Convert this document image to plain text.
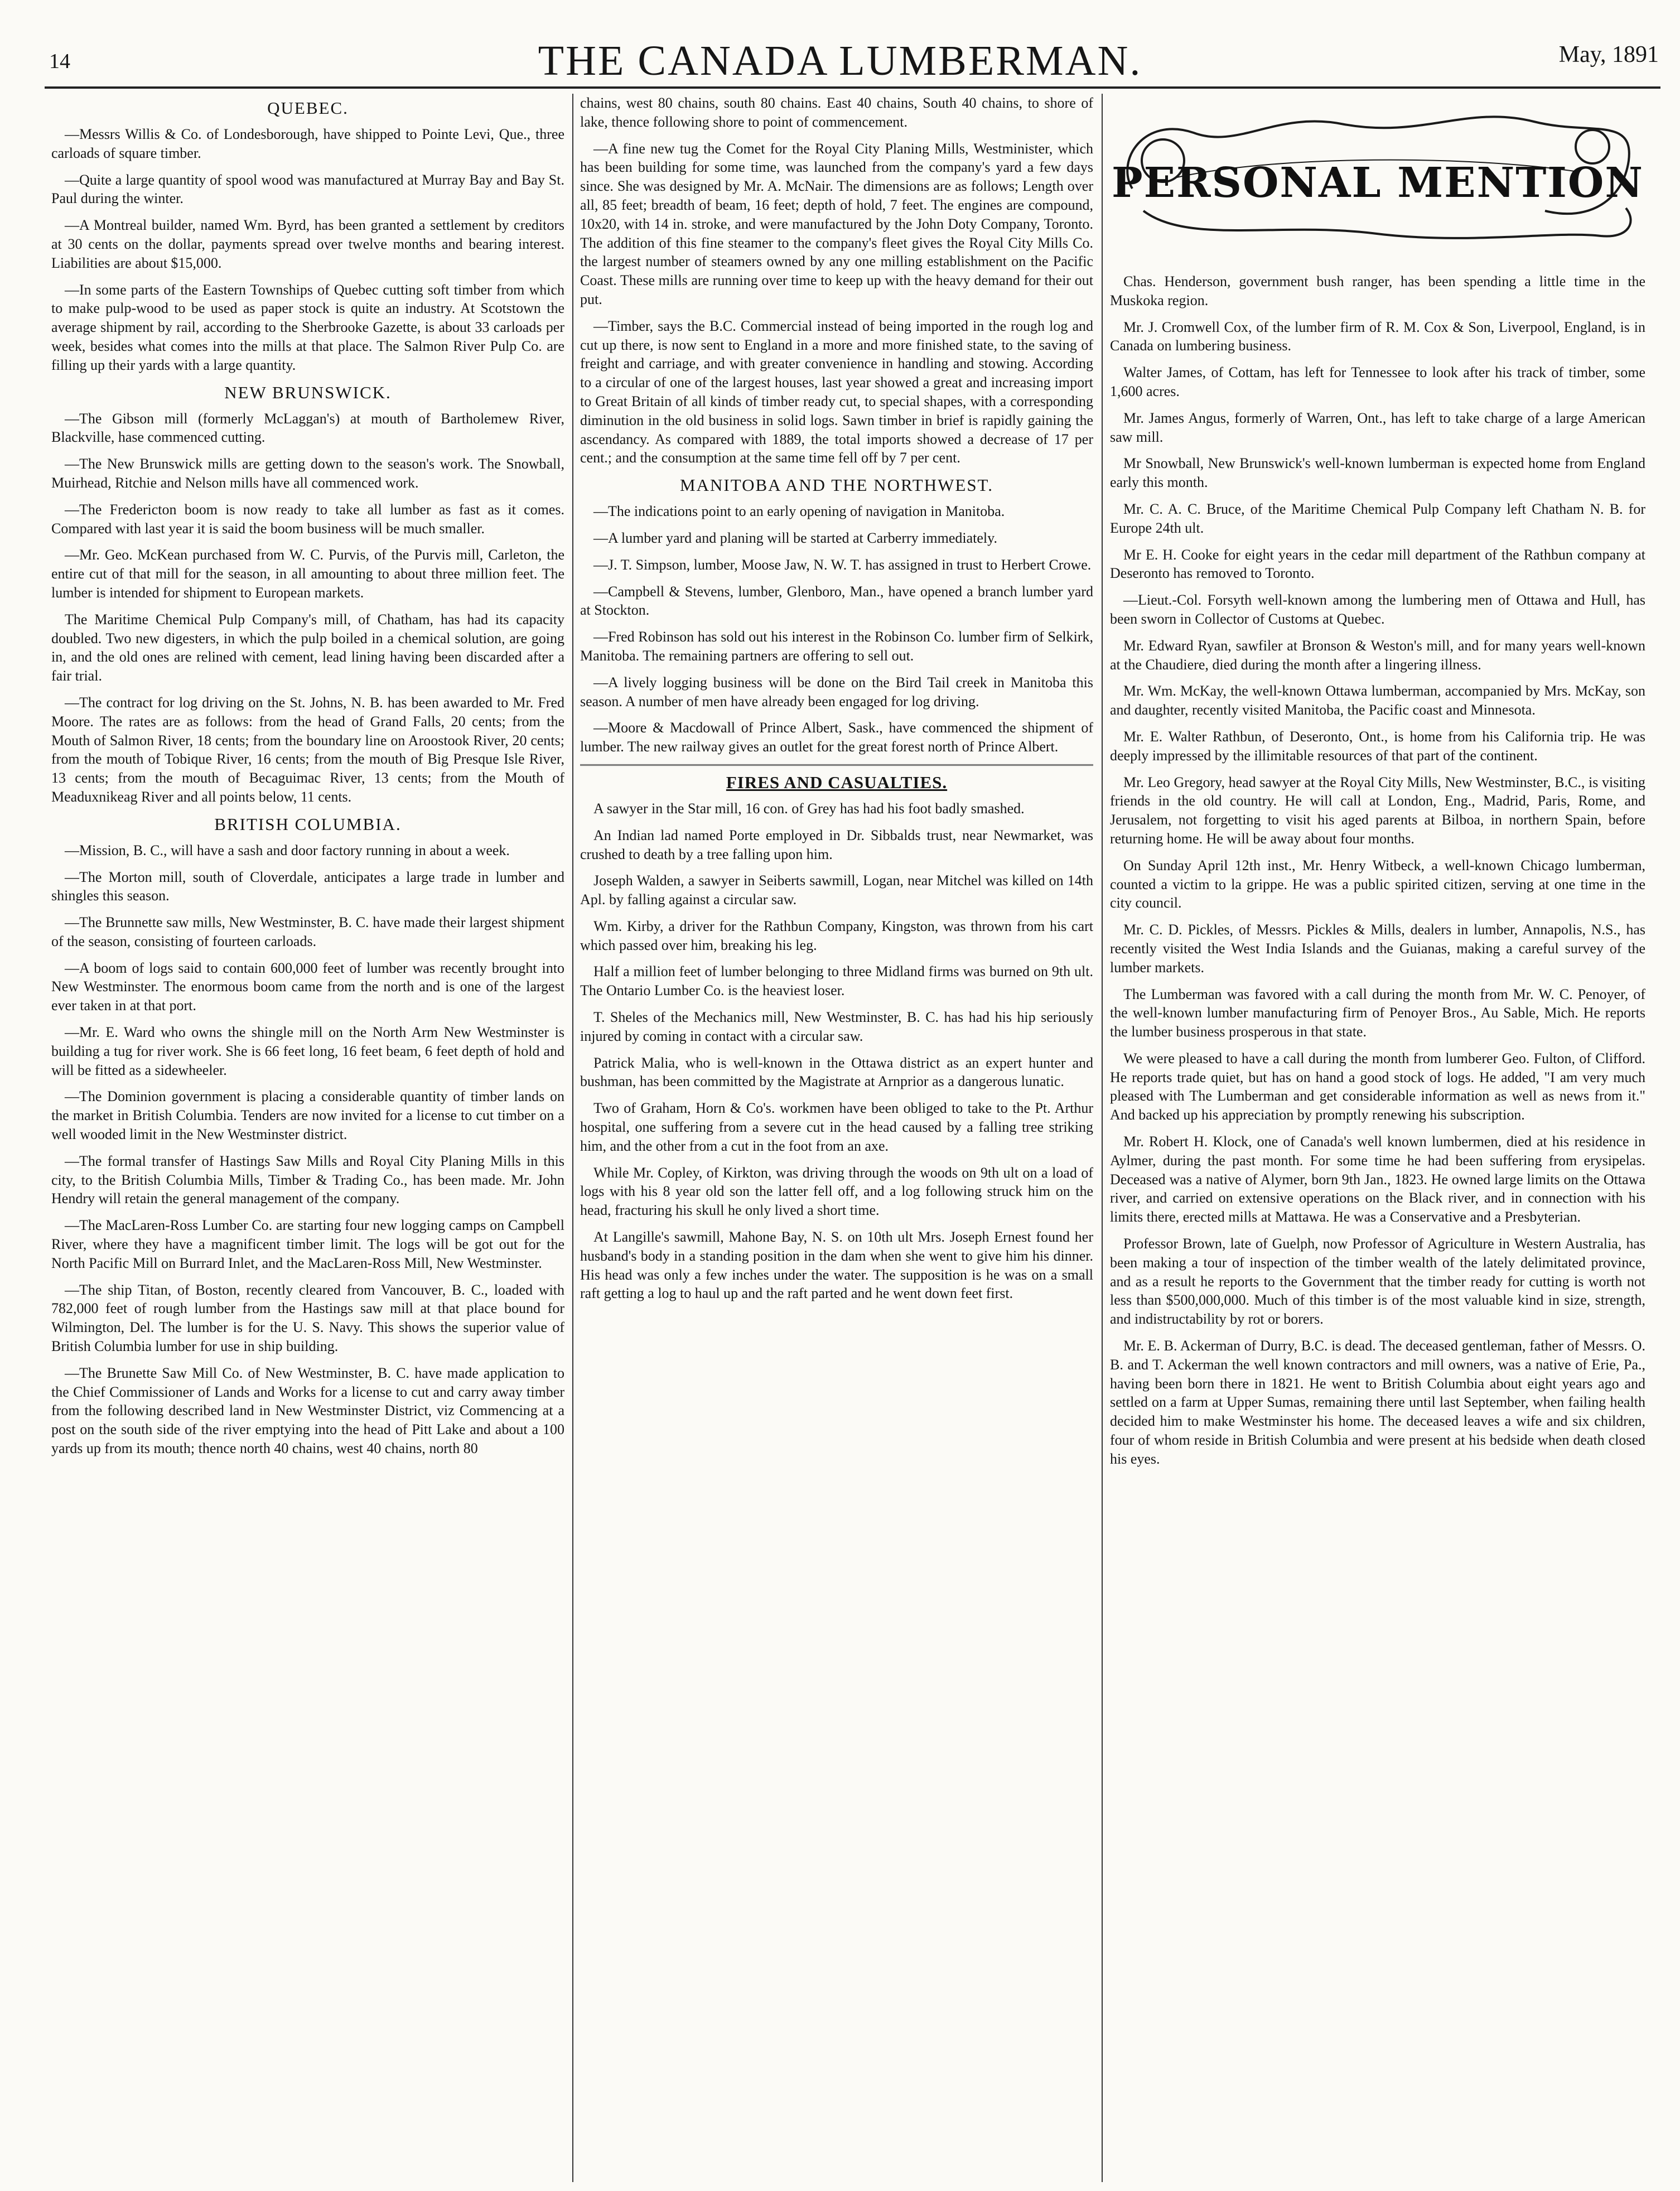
14	THE CANADA LUMBERMAN.	May, 1891
QUEBEC.

—Messrs Willis & Co. of Londesborough, have shipped to Pointe Levi, Que., three carloads of square timber.

—Quite a large quantity of spool wood was manufactured at Murray Bay and Bay St. Paul during the winter.

—A Montreal builder, named Wm. Byrd, has been granted a settlement by creditors at 30 cents on the dollar, payments spread over twelve months and bearing interest. Liabilities are about $15,000.

—In some parts of the Eastern Townships of Quebec cutting soft timber from which to make pulp-wood to be used as paper stock is quite an industry. At Scotstown the average shipment by rail, according to the Sherbrooke Gazette, is about 33 carloads per week, besides what comes into the mills at that place. The Salmon River Pulp Co. are filling up their yards with a large quantity.

NEW BRUNSWICK.

—The Gibson mill (formerly McLaggan's) at mouth of Bartholemew River, Blackville, hase commenced cutting.

—The New Brunswick mills are getting down to the season's work. The Snowball, Muirhead, Ritchie and Nelson mills have all commenced work.

—The Fredericton boom is now ready to take all lumber as fast as it comes. Compared with last year it is said the boom business will be much smaller.

—Mr. Geo. McKean purchased from W. C. Purvis, of the Purvis mill, Carleton, the entire cut of that mill for the season, in all amounting to about three million feet. The lumber is intended for shipment to European markets.

The Maritime Chemical Pulp Company's mill, of Chatham, has had its capacity doubled. Two new digesters, in which the pulp boiled in a chemical solution, are going in, and the old ones are relined with cement, lead lining having been discarded after a fair trial.

—The contract for log driving on the St. Johns, N. B. has been awarded to Mr. Fred Moore. The rates are as follows: from the head of Grand Falls, 20 cents; from the Mouth of Salmon River, 18 cents; from the boundary line on Aroostook River, 20 cents; from the mouth of Tobique River, 16 cents; from the mouth of Big Presque Isle River, 13 cents; from the mouth of Becaguimac River, 13 cents; from the Mouth of Meaduxnikeag River and all points below, 11 cents.

BRITISH COLUMBIA.

—Mission, B. C., will have a sash and door factory running in about a week.

—The Morton mill, south of Cloverdale, anticipates a large trade in lumber and shingles this season.

—The Brunnette saw mills, New Westminster, B. C. have made their largest shipment of the season, consisting of fourteen carloads.

—A boom of logs said to contain 600,000 feet of lumber was recently brought into New Westminster. The enormous boom came from the north and is one of the largest ever taken in at that port.

—Mr. E. Ward who owns the shingle mill on the North Arm New Westminster is building a tug for river work. She is 66 feet long, 16 feet beam, 6 feet depth of hold and will be fitted as a sidewheeler.

—The Dominion government is placing a considerable quantity of timber lands on the market in British Columbia. Tenders are now invited for a license to cut timber on a well wooded limit in the New Westminster district.

—The formal transfer of Hastings Saw Mills and Royal City Planing Mills in this city, to the British Columbia Mills, Timber & Trading Co., has been made. Mr. John Hendry will retain the general management of the company.

—The MacLaren-Ross Lumber Co. are starting four new logging camps on Campbell River, where they have a magnificent timber limit. The logs will be got out for the North Pacific Mill on Burrard Inlet, and the MacLaren-Ross Mill, New Westminster.

—The ship Titan, of Boston, recently cleared from Vancouver, B. C., loaded with 782,000 feet of rough lumber from the Hastings saw mill at that place bound for Wilmington, Del. The lumber is for the U. S. Navy. This shows the superior value of British Columbia lumber for use in ship building.

—The Brunette Saw Mill Co. of New Westminster, B. C. have made application to the Chief Commissioner of Lands and Works for a license to cut and carry away timber from the following described land in New Westminster District, viz Commencing at a post on the south side of the river emptying into the head of Pitt Lake and about a 100 yards up from its mouth; thence north 40 chains, west 40 chains, north 80

chains, west 80 chains, south 80 chains. East 40 chains, South 40 chains, to shore of lake, thence following shore to point of commencement.

—A fine new tug the Comet for the Royal City Planing Mills, Westminister, which has been building for some time, was launched from the company's yard a few days since. She was designed by Mr. A. McNair. The dimensions are as follows; Length over all, 85 feet; breadth of beam, 16 feet; depth of hold, 7 feet. The engines are compound, 10x20, with 14 in. stroke, and were manufactured by the John Doty Company, Toronto. The addition of this fine steamer to the company's fleet gives the Royal City Mills Co. the largest number of steamers owned by any one milling establishment on the Pacific Coast. These mills are running over time to keep up with the heavy demand for their out put.

—Timber, says the B.C. Commercial instead of being imported in the rough log and cut up there, is now sent to England in a more and more finished state, to the saving of freight and carriage, and with greater convenience in handling and stowing. According to a circular of one of the largest houses, last year showed a great and increasing import to Great Britain of all kinds of timber ready cut, to special shapes, with a corresponding diminution in the old business in solid logs. Sawn timber in brief is rapidly gaining the ascendancy. As compared with 1889, the total imports showed a decrease of 17 per cent.; and the consumption at the same time fell off by 7 per cent.

MANITOBA AND THE NORTHWEST.

—The indications point to an early opening of navigation in Manitoba.

—A lumber yard and planing will be started at Carberry immediately.

—J. T. Simpson, lumber, Moose Jaw, N. W. T. has assigned in trust to Herbert Crowe.

—Campbell & Stevens, lumber, Glenboro, Man., have opened a branch lumber yard at Stockton.

—Fred Robinson has sold out his interest in the Robinson Co. lumber firm of Selkirk, Manitoba. The remaining partners are offering to sell out.

—A lively logging business will be done on the Bird Tail creek in Manitoba this season. A number of men have already been engaged for log driving.

—Moore & Macdowall of Prince Albert, Sask., have commenced the shipment of lumber. The new railway gives an outlet for the great forest north of Prince Albert.

FIRES AND CASUALTIES.

A sawyer in the Star mill, 16 con. of Grey has had his foot badly smashed.

An Indian lad named Porte employed in Dr. Sibbalds trust, near Newmarket, was crushed to death by a tree falling upon him.

Joseph Walden, a sawyer in Seiberts sawmill, Logan, near Mitchel was killed on 14th Apl. by falling against a circular saw.

Wm. Kirby, a driver for the Rathbun Company, Kingston, was thrown from his cart which passed over him, breaking his leg.

Half a million feet of lumber belonging to three Midland firms was burned on 9th ult. The Ontario Lumber Co. is the heaviest loser.

T. Sheles of the Mechanics mill, New Westminster, B. C. has had his hip seriously injured by coming in contact with a circular saw.

Patrick Malia, who is well-known in the Ottawa district as an expert hunter and bushman, has been committed by the Magistrate at Arnprior as a dangerous lunatic.

Two of Graham, Horn & Co's. workmen have been obliged to take to the Pt. Arthur hospital, one suffering from a severe cut in the head caused by a falling tree striking him, and the other from a cut in the foot from an axe.

While Mr. Copley, of Kirkton, was driving through the woods on 9th ult on a load of logs with his 8 year old son the latter fell off, and a log following struck him on the head, fracturing his skull he only lived a short time.

At Langille's sawmill, Mahone Bay, N. S. on 10th ult Mrs. Joseph Ernest found her husband's body in a standing position in the dam when she went to give him his dinner. His head was only a few inches under the water. The supposition is he was on a small raft getting a log to haul up and the raft parted and he went down feet first.

PERSONAL MENTION

Chas. Henderson, government bush ranger, has been spending a little time in the Muskoka region.

Mr. J. Cromwell Cox, of the lumber firm of R. M. Cox & Son, Liverpool, England, is in Canada on lumbering business.

Walter James, of Cottam, has left for Tennessee to look after his track of timber, some 1,600 acres.

Mr. James Angus, formerly of Warren, Ont., has left to take charge of a large American saw mill.

Mr Snowball, New Brunswick's well-known lumberman is expected home from England early this month.

Mr. C. A. C. Bruce, of the Maritime Chemical Pulp Company left Chatham N. B. for Europe 24th ult.

Mr E. H. Cooke for eight years in the cedar mill department of the Rathbun company at Deseronto has removed to Toronto.

—Lieut.-Col. Forsyth well-known among the lumbering men of Ottawa and Hull, has been sworn in Collector of Customs at Quebec.

Mr. Edward Ryan, sawfiler at Bronson & Weston's mill, and for many years well-known at the Chaudiere, died during the month after a lingering illness.

Mr. Wm. McKay, the well-known Ottawa lumberman, accompanied by Mrs. McKay, son and daughter, recently visited Manitoba, the Pacific coast and Minnesota.

Mr. E. Walter Rathbun, of Deseronto, Ont., is home from his California trip. He was deeply impressed by the illimitable resources of that part of the continent.

Mr. Leo Gregory, head sawyer at the Royal City Mills, New Westminster, B.C., is visiting friends in the old country. He will call at London, Eng., Madrid, Paris, Rome, and Jerusalem, not forgetting to visit his aged parents at Bilboa, in northern Spain, before returning home. He will be away about four months.

On Sunday April 12th inst., Mr. Henry Witbeck, a well-known Chicago lumberman, counted a victim to la grippe. He was a public spirited citizen, serving at one time in the city council.

Mr. C. D. Pickles, of Messrs. Pickles & Mills, dealers in lumber, Annapolis, N.S., has recently visited the West India Islands and the Guianas, making a careful survey of the lumber markets.

The Lumberman was favored with a call during the month from Mr. W. C. Penoyer, of the well-known lumber manufacturing firm of Penoyer Bros., Au Sable, Mich. He reports the lumber business prosperous in that state.

We were pleased to have a call during the month from lumberer Geo. Fulton, of Clifford. He reports trade quiet, but has on hand a good stock of logs. He added, "I am very much pleased with The Lumberman and get considerable information as well as news from it." And backed up his appreciation by promptly renewing his subscription.

Mr. Robert H. Klock, one of Canada's well known lumbermen, died at his residence in Aylmer, during the past month. For some time he had been suffering from erysipelas. Deceased was a native of Alymer, born 9th Jan., 1823. He owned large limits on the Ottawa river, and carried on extensive operations on the Black river, and in connection with his limits there, erected mills at Mattawa. He was a Conservative and a Presbyterian.

Professor Brown, late of Guelph, now Professor of Agriculture in Western Australia, has been making a tour of inspection of the timber wealth of the lately delimitated province, and as a result he reports to the Government that the timber ready for cutting is worth not less than $500,000,000. Much of this timber is of the most valuable kind in size, strength, and indistructability by rot or borers.

Mr. E. B. Ackerman of Durry, B.C. is dead. The deceased gentleman, father of Messrs. O. B. and T. Ackerman the well known contractors and mill owners, was a native of Erie, Pa., having been born there in 1821. He went to British Columbia about eight years ago and settled on a farm at Upper Sumas, remaining there until last September, when failing health decided him to make Westminster his home. The deceased leaves a wife and six children, four of whom reside in British Columbia and were present at his bedside when death closed his eyes.
